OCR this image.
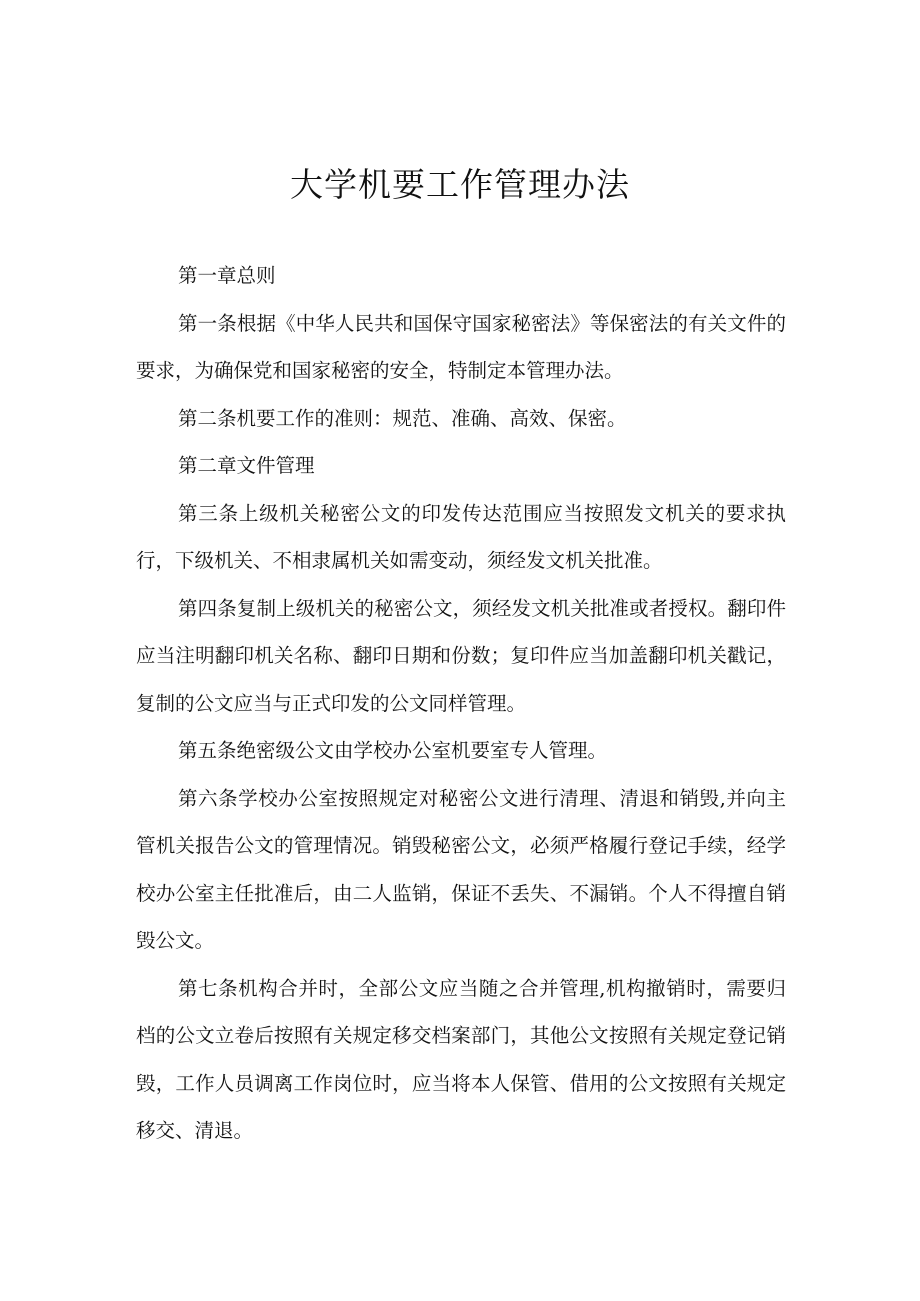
大学机要工作管理办法

第一章总则

第一条根据《中华人民共和国保守国家秘密法》等保密法的有关文件的要求，为确保党和国家秘密的安全，特制定本管理办法。

第二条机要工作的准则：规范、准确、高效、保密。

第二章文件管理

第三条上级机关秘密公文的印发传达范围应当按照发文机关的要求执行，下级机关、不相隶属机关如需变动，须经发文机关批准。

第四条复制上级机关的秘密公文，须经发文机关批准或者授权。翻印件应当注明翻印机关名称、翻印日期和份数；复印件应当加盖翻印机关戳记，复制的公文应当与正式印发的公文同样管理。

第五条绝密级公文由学校办公室机要室专人管理。

第六条学校办公室按照规定对秘密公文进行清理、清退和销毁,并向主管机关报告公文的管理情况。销毁秘密公文，必须严格履行登记手续，经学校办公室主任批准后，由二人监销，保证不丢失、不漏销。个人不得擅自销毁公文。

第七条机构合并时，全部公文应当随之合并管理,机构撤销时，需要归档的公文立卷后按照有关规定移交档案部门，其他公文按照有关规定登记销毁，工作人员调离工作岗位时，应当将本人保管、借用的公文按照有关规定移交、清退。
